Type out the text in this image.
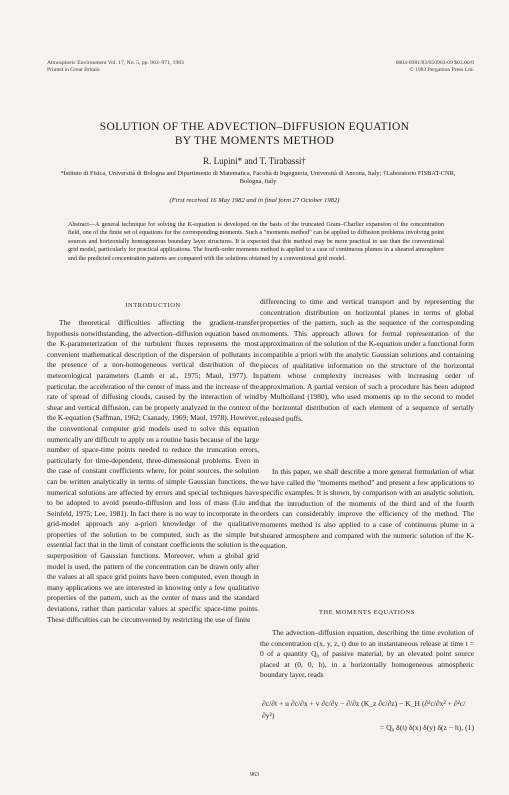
Atmospheric Environment Vol. 17, No. 5, pp. 963–971, 1983
Printed in Great Britain
0004-6981/83/050963-09 $03.00/0
© 1983 Pergamon Press Ltd.
SOLUTION OF THE ADVECTION–DIFFUSION EQUATION
BY THE MOMENTS METHOD
R. Lupini* and T. Tirabassi†
*Istituto di Fisica, Università di Bologna and Dipartimento di Matematica, Facoltà di Ingegneria, Università di Ancona, Italy; †Laboratorio FISBAT-CNR, Bologna, Italy
(First received 16 May 1982 and in final form 27 October 1982)
Abstract—A general technique for solving the K-equation is developed on the basis of the truncated Gram–Charlier expansion of the concentration field, one of the finite set of equations for the corresponding moments. Such a "moments method" can be applied to diffusion problems involving point sources and horizontally homogeneous boundary layer structures. It is expected that this method may be more practical to use than the conventional grid model, particularly for practical applications. The fourth-order moments method is applied to a case of continuous plumes in a sheared atmosphere and the predicted concentration patterns are compared with the solutions obtained by a conventional grid model.
INTRODUCTION
The theoretical difficulties affecting the gradient-transfer hypothesis notwithstanding, the advection–diffusion equation based on the K-parameterization of the turbulent fluxes represents the most convenient mathematical description of the dispersion of pollutants in the presence of a non-homogeneous vertical distribution of the meteorological parameters (Lamb et al., 1975; Maul, 1977). In particular, the acceleration of the center of mass and the increase of the rate of spread of diffusing clouds, caused by the interaction of wind shear and vertical diffusion, can be properly analyzed in the context of the K-equation (Saffman, 1962; Csanady, 1969; Maul, 1978). However, the conventional computer grid models used to solve this equation numerically are difficult to apply on a routine basis because of the large number of space-time points needed to reduce the truncation errors, particularly for time-dependent, three-dimensional problems. Even in the case of constant coefficients where, for point sources, the solution can be written analytically in terms of simple Gaussian functions, the numerical solutions are affected by errors and special techniques have to be adopted to avoid pseudo-diffusion and loss of mass (Liu and Seinfeld, 1975; Lee, 1981). In fact there is no way to incorporate in the grid-model approach any a-priori knowledge of the qualitative properties of the solution to be computed, such as the simple but essential fact that in the limit of constant coefficients the solution is the superposition of Gaussian functions. Moreover, when a global grid model is used, the pattern of the concentration can be drawn only after the values at all space grid points have been computed, even though in many applications we are interested in knowing only a few qualitative properties of the pattern, such as the center of mass and the standard deviations, rather than particular values at specific space-time points. These difficulties can be circumvented by restricting the use of finite
differencing to time and vertical transport and by representing the concentration distribution on horizontal planes in terms of global properties of the pattern, such as the sequence of the corresponding moments. This approach allows for formal representation of the approximation of the solution of the K-equation under a functional form compatible a priori with the analytic Gaussian solutions and containing pieces of qualitative information on the structure of the horizontal pattern whose complexity increases with increasing order of approximation. A partial version of such a procedure has been adopted by Mulholland (1980), who used moments up to the second to model the horizontal distribution of each element of a sequence of serially released puffs.
In this paper, we shall describe a more general formulation of what we have called the "moments method" and present a few applications to specific examples. It is shown, by comparison with an analytic solution, that the introduction of the moments of the third and of the fourth orders can considerably improve the efficiency of the method. The moments method is also applied to a case of continuous plume in a sheared atmosphere and compared with the numeric solution of the K-equation.
THE MOMENTS EQUATIONS
The advection–diffusion equation, describing the time evolution of the concentration c(x, y, z, t) due to an instantaneous release at time t = 0 of a quantity Q₀ of passive material, by an elevated point source placed at (0, 0, h), in a horizontally homogeneous atmospheric boundary layer, reads
∂c/∂t + u ∂c/∂x + v ∂c/∂y − ∂/∂z (K_z ∂c/∂z) − K_H (∂²c/∂x² + ∂²c/∂y²)
= Q₀ δ(t) δ(x) δ(y) δ(z − h), (1)
963
